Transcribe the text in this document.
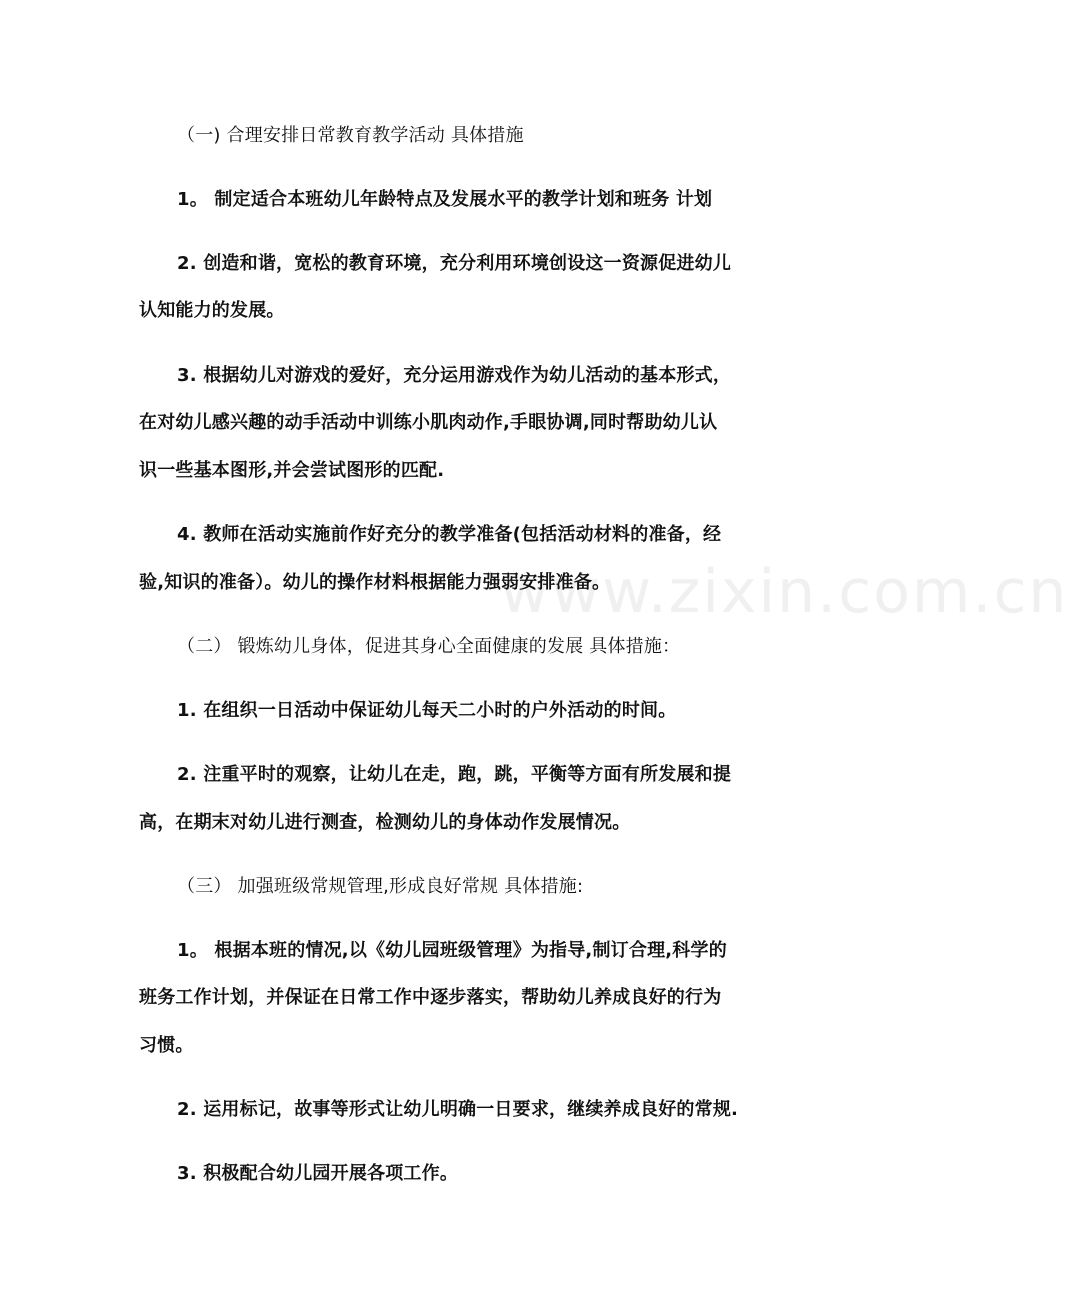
www.zixin.com.cn
（一) 合理安排日常教育教学活动 具体措施
1。 制定适合本班幼儿年龄特点及发展水平的教学计划和班务 计划
2. 创造和谐，宽松的教育环境，充分利用环境创设这一资源促进幼儿
认知能力的发展。
3. 根据幼儿对游戏的爱好，充分运用游戏作为幼儿活动的基本形式，
在对幼儿感兴趣的动手活动中训练小肌肉动作,手眼协调,同时帮助幼儿认
识一些基本图形,并会尝试图形的匹配.
4. 教师在活动实施前作好充分的教学准备(包括活动材料的准备，经
验,知识的准备）。幼儿的操作材料根据能力强弱安排准备。
（二） 锻炼幼儿身体，促进其身心全面健康的发展 具体措施：
1. 在组织一日活动中保证幼儿每天二小时的户外活动的时间。
2. 注重平时的观察，让幼儿在走，跑，跳，平衡等方面有所发展和提
高，在期末对幼儿进行测查，检测幼儿的身体动作发展情况。
（三） 加强班级常规管理,形成良好常规 具体措施:
1。 根据本班的情况,以《幼儿园班级管理》为指导,制订合理,科学的
班务工作计划，并保证在日常工作中逐步落实，帮助幼儿养成良好的行为
习惯。
2. 运用标记，故事等形式让幼儿明确一日要求，继续养成良好的常规.
3. 积极配合幼儿园开展各项工作。
